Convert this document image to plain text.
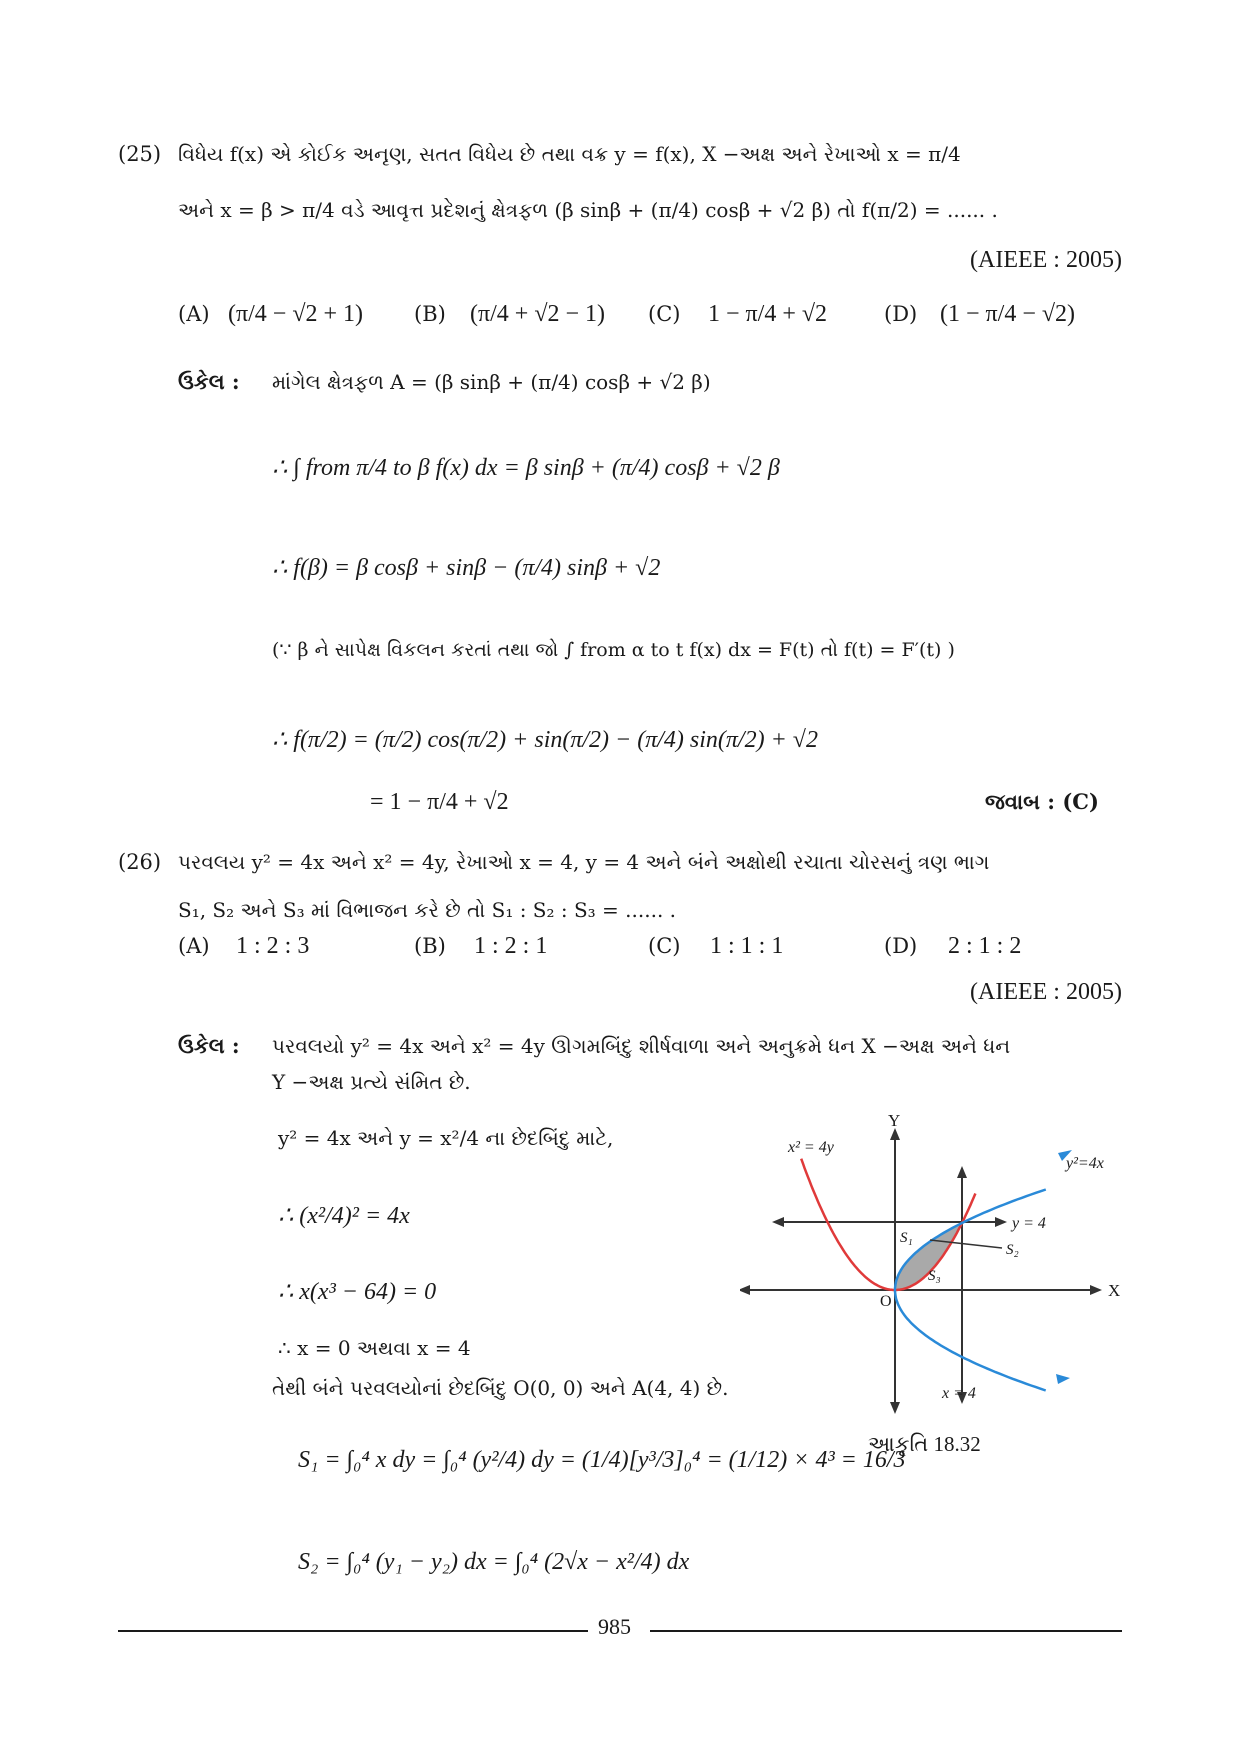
(25) વિધેય f(x) એ કોઈક અનૃણ, સતત વિધેય છે તથા વક્ર y = f(x), X −અક્ષ અને રેખાઓ x = π/4
અને x = β > π/4 વડે આવૃત્ત પ્રદેશનું ક્ષેત્રફળ (β sinβ + (π/4) cosβ + √2 β) તો f(π/2) = ...... .
(AIEEE : 2005)
(A) (π/4 − √2 + 1) (B) (π/4 + √2 − 1) (C) 1 − π/4 + √2	(D) (1 − π/4 − √2)
ઉકેલ : માંગેલ ક્ષેત્રફળ A = (β sinβ + (π/4) cosβ + √2 β)
∴ ∫ from π/4 to β f(x) dx = β sinβ + (π/4) cosβ + √2 β
∴ f(β) = β cosβ + sinβ − (π/4) sinβ + √2
(∵ β ને સાપેક્ષ વિકલન કરતાં તથા જો ∫ from α to t f(x) dx = F(t) તો f(t) = F′(t) )
∴ f(π/2) = (π/2) cos(π/2) + sin(π/2) − (π/4) sin(π/2) + √2
= 1 − π/4 + √2	જવાબ : (C)
(26) પરવલય y² = 4x અને x² = 4y, રેખાઓ x = 4, y = 4 અને બંને અક્ષોથી રચાતા ચોરસનું ત્રણ ભાગ
S₁, S₂ અને S₃ માં વિભાજન કરે છે તો S₁ : S₂ : S₃ = ...... .
(A) 1 : 2 : 3	(B) 1 : 2 : 1	(C) 1 : 1 : 1	(D) 2 : 1 : 2
(AIEEE : 2005)
ઉકેલ : પરવલયો y² = 4x અને x² = 4y ઊગમબિંદુ શીર્ષવાળા અને અનુક્રમે ધન X −અક્ષ અને ધન
Y −અક્ષ પ્રત્યે સંમિત છે.
y² = 4x અને y = x²/4 ના છેદબિંદુ માટે,
∴ (x²/4)² = 4x
∴ x(x³ − 64) = 0
∴ x = 0 અથવા x = 4
તેથી બંને પરવલયોનાં છેદબિંદુ O(0, 0) અને A(4, 4) છે.
S₁ = ∫₀⁴ x dy = ∫₀⁴ (y²/4) dy = (1/4)[y³/3]₀⁴ = (1/12) × 4³ = 16/3
S₂ = ∫₀⁴ (y₁ − y₂) dx = ∫₀⁴ (2√x − x²/4) dx
x² = 4y
y²=4x
Y
X
O
y = 4
x = 4
S₁
S₂
S₃
આકૃતિ 18.32
985
